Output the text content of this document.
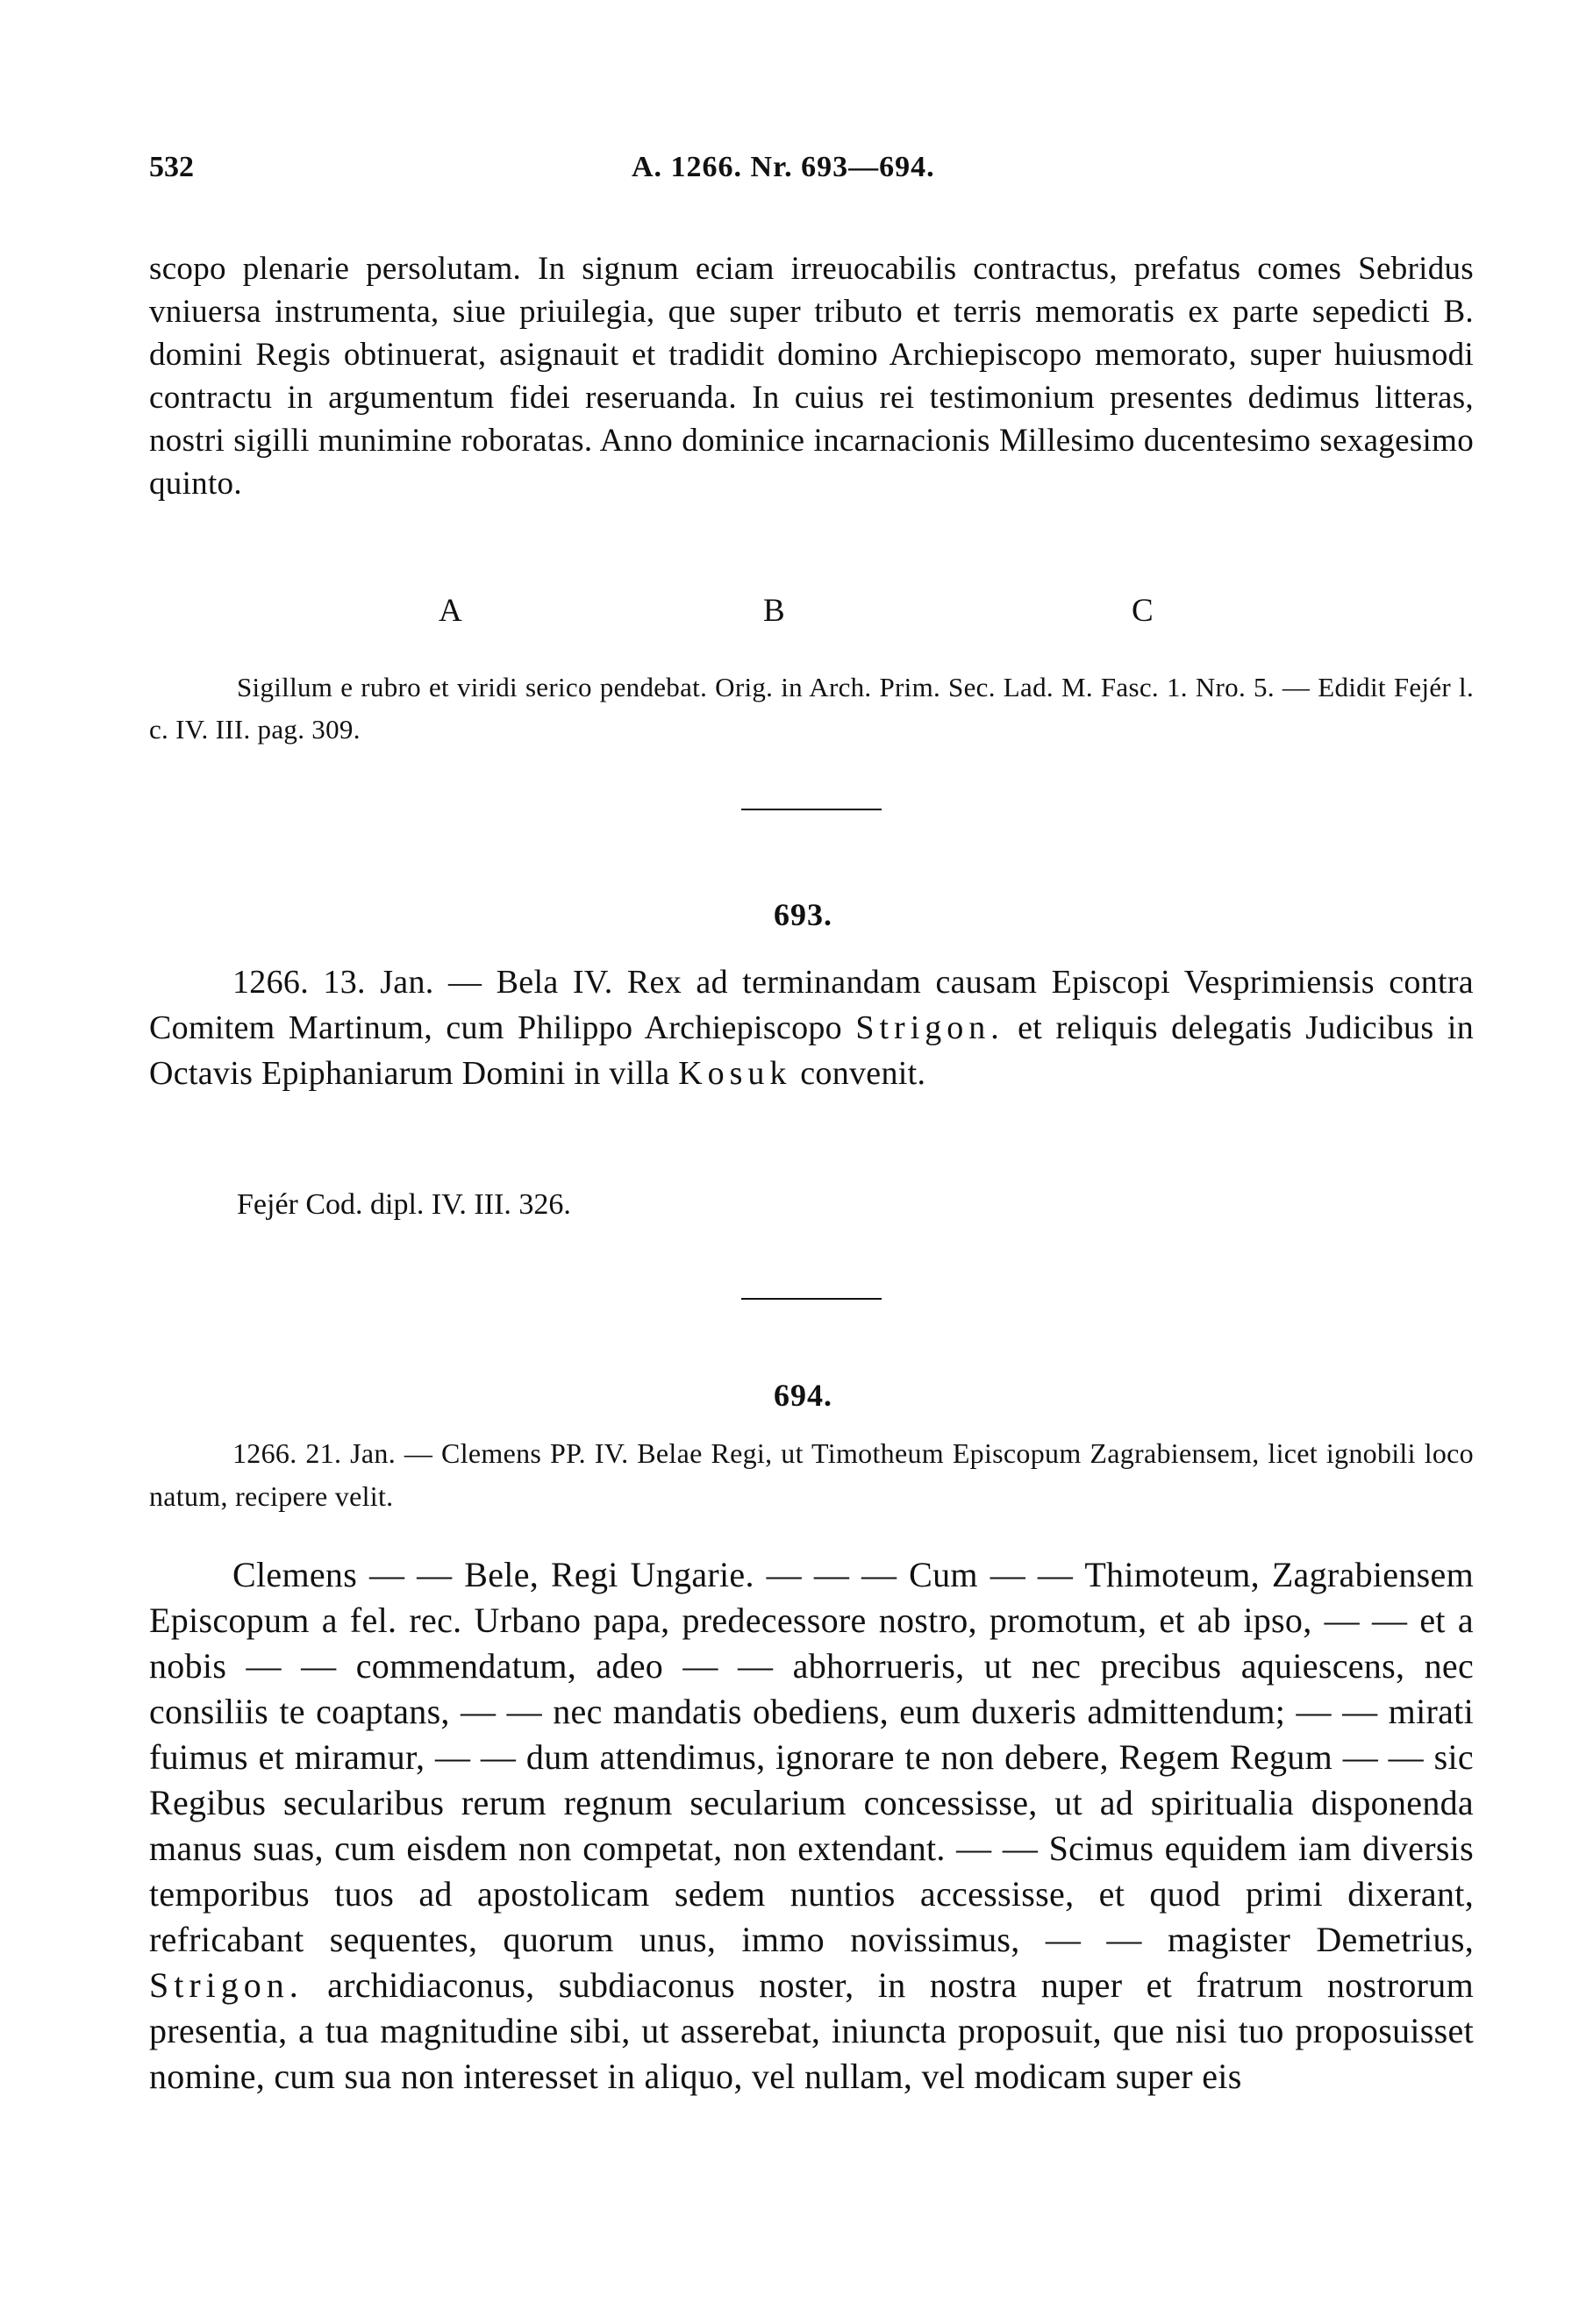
532	A. 1266. Nr. 693—694.

scopo plenarie persolutam. In signum eciam irreuocabilis contractus, prefatus comes Sebridus vniuersa instrumenta, siue priuilegia, que super tributo et terris memoratis ex parte sepedicti B. domini Regis obtinuerat, asignauit et tradidit domino Archiepiscopo memorato, super huiusmodi contractu in argumentum fidei reseruanda. In cuius rei testimonium presentes dedimus litteras, nostri sigilli munimine roboratas. Anno dominice incarnacionis Millesimo ducentesimo sexagesimo quinto.

A	B	C

Sigillum e rubro et viridi serico pendebat. Orig. in Arch. Prim. Sec. Lad. M. Fasc. 1. Nro. 5. — Edidit Fejér l. c. IV. III. pag. 309.

693.

1266. 13. Jan. — Bela IV. Rex ad terminandam causam Episcopi Vesprimiensis contra Comitem Martinum, cum Philippo Archiepiscopo Strigon. et reliquis delegatis Judicibus in Octavis Epiphaniarum Domini in villa Kosuk convenit.

Fejér Cod. dipl. IV. III. 326.
694.

1266. 21. Jan. — Clemens PP. IV. Belae Regi, ut Timotheum Episcopum Zagrabiensem, licet ignobili loco natum, recipere velit.

Clemens — — Bele, Regi Ungarie. — — — Cum — — Thimoteum, Zagrabiensem Episcopum a fel. rec. Urbano papa, predecessore nostro, promotum, et ab ipso, — — et a nobis — — commendatum, adeo — — abhorrueris, ut nec precibus aquiescens, nec consiliis te coaptans, — — nec mandatis obediens, eum duxeris admittendum; — — mirati fuimus et miramur, — — dum attendimus, ignorare te non debere, Regem Regum — — sic Regibus secularibus rerum regnum secularium concessisse, ut ad spiritualia disponenda manus suas, cum eisdem non competat, non extendant. — — Scimus equidem iam diversis temporibus tuos ad apostolicam sedem nuntios accessisse, et quod primi dixerant, refricabant sequentes, quorum unus, immo novissimus, — — magister Demetrius, Strigon. archidiaconus, subdiaconus noster, in nostra nuper et fratrum nostrorum presentia, a tua magnitudine sibi, ut asserebat, iniuncta proposuit, que nisi tuo proposuisset nomine, cum sua non interesset in aliquo, vel nullam, vel modicam super eis
